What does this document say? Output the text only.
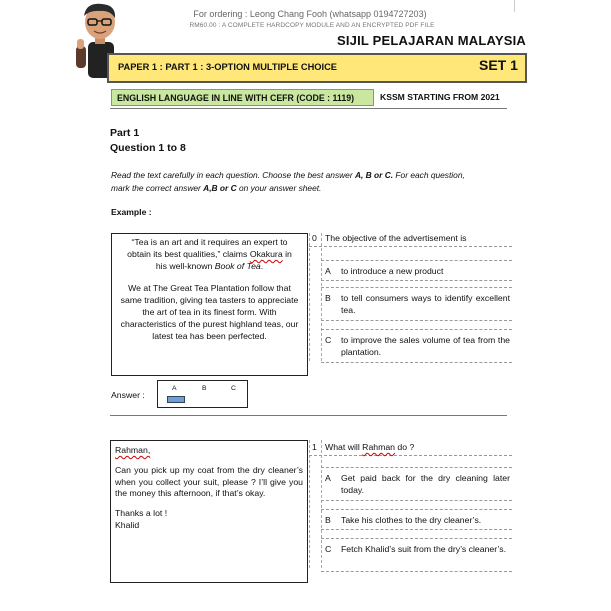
For ordering : Leong Chang Fooh (whatsapp 0194727203)
RM60.00 : A COMPLETE HARDCOPY MODULE AND AN ENCRYPTED PDF FILE
SIJIL PELAJARAN MALAYSIA
PAPER 1 : PART 1 : 3-OPTION MULTIPLE CHOICE	SET 1
ENGLISH LANGUAGE IN LINE WITH CEFR (CODE : 1119)	KSSM STARTING FROM 2021
Part 1
Question 1 to 8
Read the text carefully in each question. Choose the best answer A, B or C. For each question,
mark the correct answer A,B or C on your answer sheet.
Example :
“Tea is an art and it requires an expert to
obtain its best qualities,” claims Okakura in
his well-known Book of Tea.
We at The Great Tea Plantation follow that same tradition, giving tea tasters to appreciate the art of tea in its finest form. With characteristics of the purest highland teas, our latest tea has been perfected.
0 The objective of the advertisement is
A to introduce a new product
B to tell consumers ways to identify excellent tea.
C to improve the sales volume of tea from the plantation.
Answer :
A	B	C
Rahman,
Can you pick up my coat from the dry cleaner’s when you collect your suit, please ? I’ll give you the money this afternoon, if that’s okay.
Thanks a lot !
Khalid
1 What will Rahman do ?
A Get paid back for the dry cleaning later today.
B Take his clothes to the dry cleaner’s.
C Fetch Khalid’s suit from the dry’s cleaner’s.
